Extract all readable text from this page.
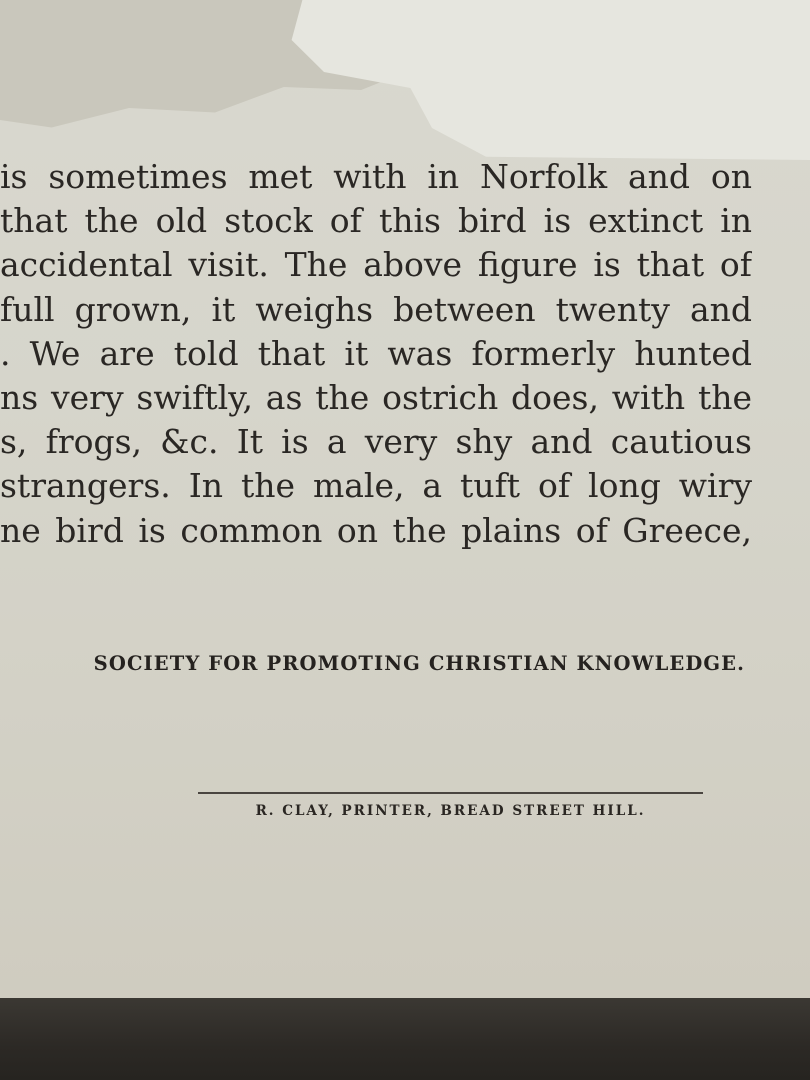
is sometimes met with in Norfolk and on
that the old stock of this bird is extinct in
accidental visit. The above figure is that of
full grown, it weighs between twenty and
. We are told that it was formerly hunted
ns very swiftly, as the ostrich does, with the
s, frogs, &c. It is a very shy and cautious
strangers. In the male, a tuft of long wiry
ne bird is common on the plains of Greece,
SOCIETY FOR PROMOTING CHRISTIAN KNOWLEDGE.
R. CLAY, PRINTER, BREAD STREET HILL.
